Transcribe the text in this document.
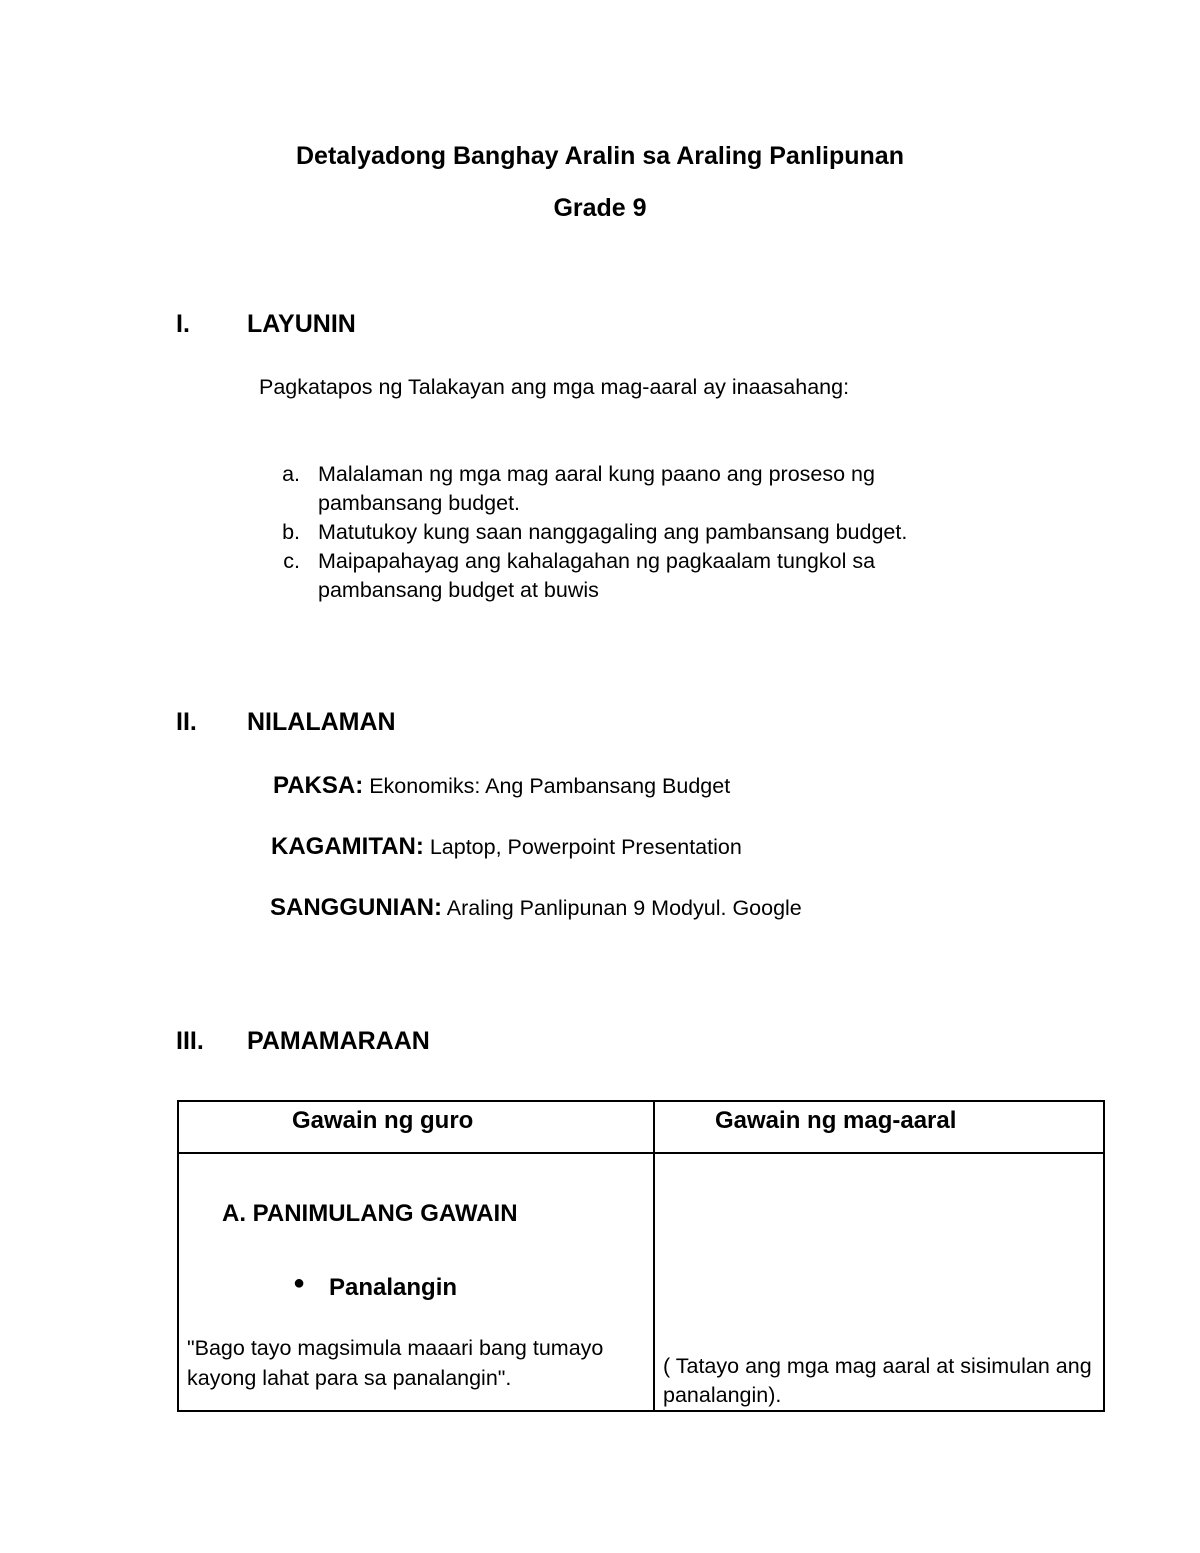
Detalyadong Banghay Aralin sa Araling Panlipunan
Grade 9
I. LAYUNIN
Pagkatapos ng Talakayan ang mga mag-aaral ay inaasahang:
a. Malalaman ng mga mag aaral kung paano ang proseso ng pambansang budget.
b. Matutukoy kung saan nanggagaling ang pambansang budget.
c. Maipapahayag ang kahalagahan ng pagkaalam tungkol sa pambansang budget at buwis
II. NILALAMAN
PAKSA: Ekonomiks: Ang Pambansang Budget
KAGAMITAN: Laptop, Powerpoint Presentation
SANGGUNIAN: Araling Panlipunan 9 Modyul. Google
III. PAMAMARAAN
Gawain ng guro	Gawain ng mag-aaral

A. PANIMULANG GAWAIN
● Panalangin
"Bago tayo magsimula maaari bang tumayo kayong lahat para sa panalangin".	( Tatayo ang mga mag aaral at sisimulan ang panalangin).
